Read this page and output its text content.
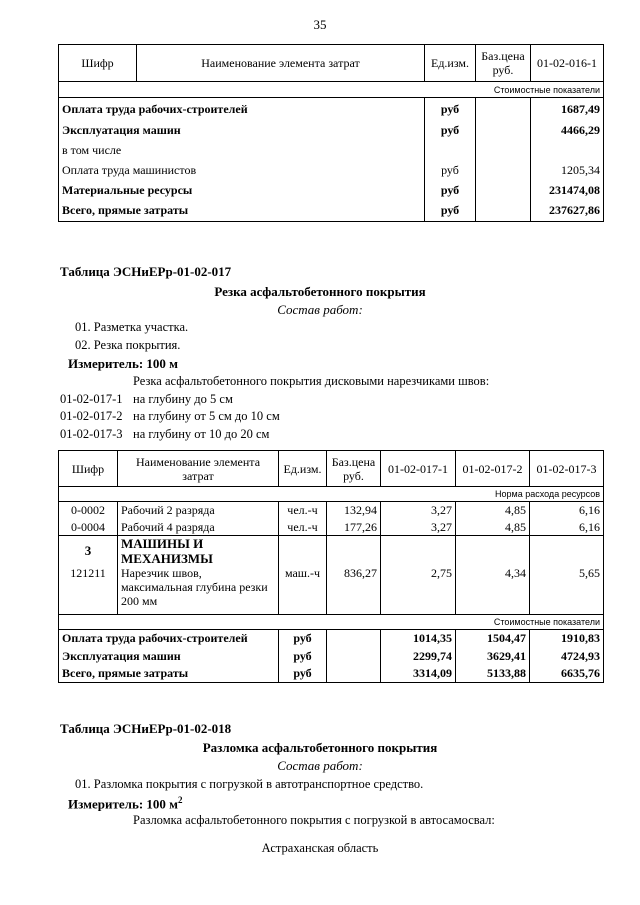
35
Шифр	Наименование элемента затрат	Ед.изм.	Баз.цена руб.	01-02-016-1
Стоимостные показатели				
Оплата труда рабочих-строителей		руб		1687,49
Эксплуатация машин		руб		4466,29
в том числе				
Оплата труда машинистов		руб		1205,34
Материальные ресурсы		руб		231474,08
Всего, прямые затраты		руб		237627,86
Таблица ЭСНиЕРр-01-02-017
Резка асфальтобетонного покрытия
Состав работ:
01. Разметка участка.
02. Резка покрытия.
Измеритель: 100 м
Резка асфальтобетонного покрытия дисковыми нарезчиками швов:
01-02-017-1 на глубину до 5 см
01-02-017-2 на глубину от 5 см до 10 см
01-02-017-3 на глубину от 10 до 20 см
Шифр	Наименование элемента затрат	Ед.изм.	Баз.цена руб.	01-02-017-1	01-02-017-2	01-02-017-3
Норма расхода ресурсов						
0-0002	Рабочий 2 разряда	чел.-ч	132,94	3,27	4,85	6,16
0-0004	Рабочий 4 разряда	чел.-ч	177,26	3,27	4,85	6,16
3	МАШИНЫ И МЕХАНИЗМЫ					
121211	Нарезчик швов, максимальная глубина резки 200 мм	маш.-ч	836,27	2,75	4,34	5,65
Стоимостные показатели						
Оплата труда рабочих-строителей		руб		1014,35	1504,47	1910,83
Эксплуатация машин		руб		2299,74	3629,41	4724,93
Всего, прямые затраты		руб		3314,09	5133,88	6635,76
Таблица ЭСНиЕРр-01-02-018
Разломка асфальтобетонного покрытия
Состав работ:
01. Разломка покрытия с погрузкой в автотранспортное средство.
Измеритель: 100 $м^2$
Разломка асфальтобетонного покрытия с погрузкой в автосамосвал:
Астраханская область
